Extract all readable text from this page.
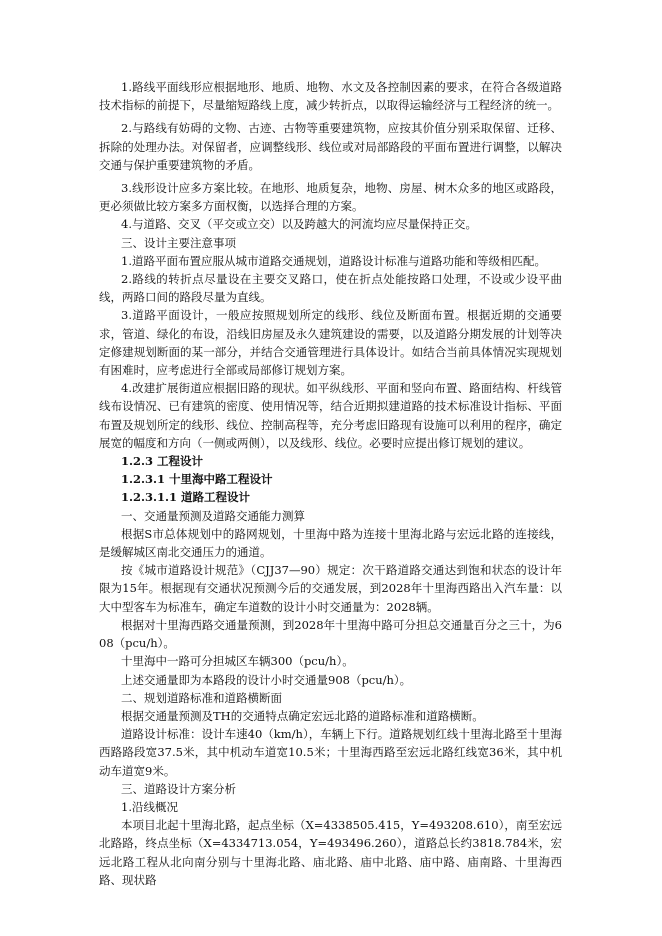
1.路线平面线形应根据地形、地质、地物、水文及各控制因素的要求，在符合各级道路技术指标的前提下，尽量缩短路线上度，减少转折点，以取得运输经济与工程经济的统一。

2.与路线有妨碍的文物、古迹、古物等重要建筑物，应按其价值分别采取保留、迁移、拆除的处理办法。对保留者，应调整线形、线位或对局部路段的平面布置进行调整，以解决交通与保护重要建筑物的矛盾。

3.线形设计应多方案比较。在地形、地质复杂，地物、房屋、树木众多的地区或路段，更必须做比较方案多方面权衡，以选择合理的方案。

4.与道路、交叉（平交或立交）以及跨越大的河流均应尽量保持正交。

三、设计主要注意事项

1.道路平面布置应服从城市道路交通规划，道路设计标准与道路功能和等级相匹配。

2.路线的转折点尽量设在主要交叉路口，使在折点处能按路口处理，不设或少设平曲线，两路口间的路段尽量为直线。

3.道路平面设计，一般应按照规划所定的线形、线位及断面布置。根据近期的交通要求，管道、绿化的布设，沿线旧房屋及永久建筑建设的需要，以及道路分期发展的计划等决定修建规划断面的某一部分，并结合交通管理进行具体设计。如结合当前具体情况实现规划有困难时，应考虑进行全部或局部修订规划方案。

4.改建扩展街道应根据旧路的现状。如平纵线形、平面和竖向布置、路面结构、杆线管线布设情况、已有建筑的密度、使用情况等，结合近期拟建道路的技术标准设计指标、平面布置及规划所定的线形、线位、控制高程等，充分考虑旧路现有设施可以利用的程序，确定展宽的幅度和方向（一侧或两侧），以及线形、线位。必要时应提出修订规划的建议。

1.2.3 工程设计

1.2.3.1 十里海中路工程设计

1.2.3.1.1 道路工程设计

一、交通量预测及道路交通能力测算

根据S市总体规划中的路网规划，十里海中路为连接十里海北路与宏远北路的连接线，是缓解城区南北交通压力的通道。

按《城市道路设计规范》（CJJ37—90）规定：次干路道路交通达到饱和状态的设计年限为15年。根据现有交通状况预测今后的交通发展，到2028年十里海西路出入汽车量：以大中型客车为标准车，确定车道数的设计小时交通量为：2028辆。

根据对十里海西路交通量预测，到2028年十里海中路可分担总交通量百分之三十，为608（pcu/h）。

十里海中一路可分担城区车辆300（pcu/h）。

上述交通量即为本路段的设计小时交通量908（pcu/h）。

二、规划道路标准和道路横断面

根据交通量预测及TH的交通特点确定宏远北路的道路标准和道路横断。

道路设计标准：设计车速40（km/h），车辆上下行。道路规划红线十里海北路至十里海西路路段宽37.5米，其中机动车道宽10.5米；十里海西路至宏远北路红线宽36米，其中机动车道宽9米。

三、道路设计方案分析

1.沿线概况

本项目北起十里海北路，起点坐标（X=4338505.415，Y=493208.610），南至宏远北路路，终点坐标（X=4334713.054，Y=493496.260），道路总长约3818.784米，宏远北路工程从北向南分别与十里海北路、庙北路、庙中北路、庙中路、庙南路、十里海西路、现状路
